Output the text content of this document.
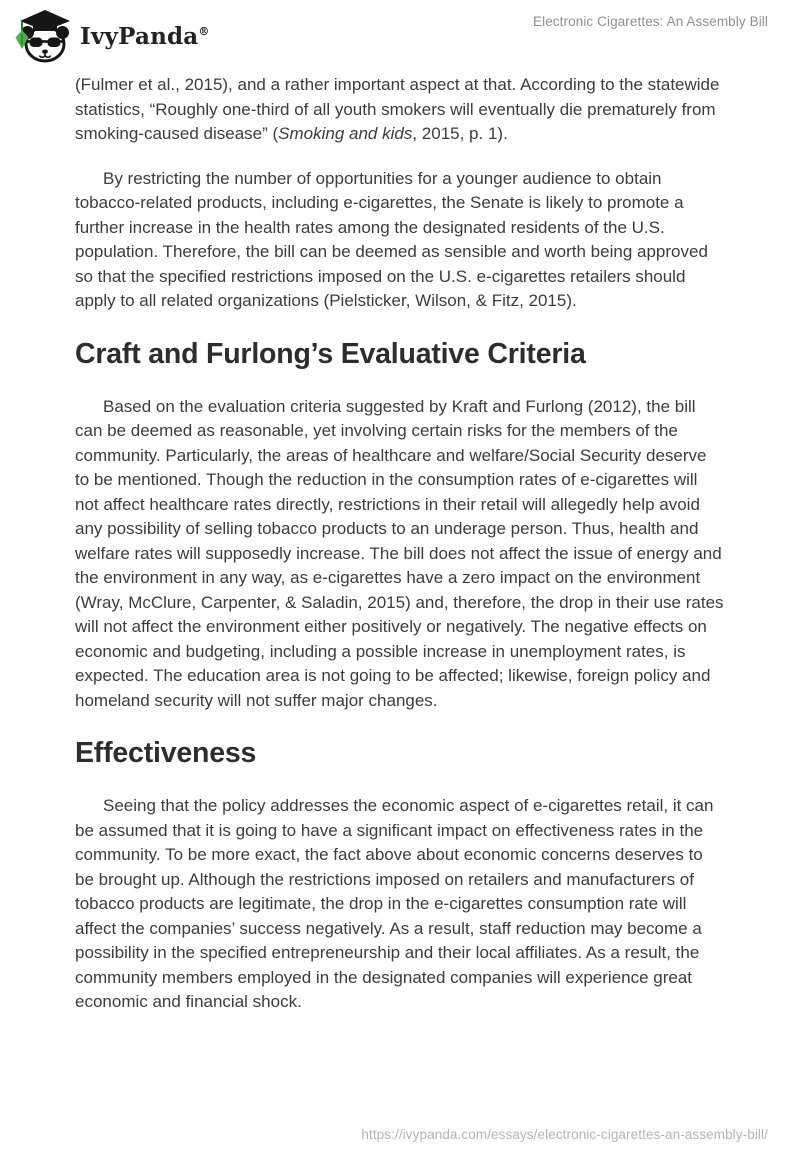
IvyPanda®
Electronic Cigarettes: An Assembly Bill

(Fulmer et al., 2015), and a rather important aspect at that. According to the statewide statistics, “Roughly one-third of all youth smokers will eventually die prematurely from smoking-caused disease” (Smoking and kids, 2015, p. 1).

By restricting the number of opportunities for a younger audience to obtain tobacco-related products, including e-cigarettes, the Senate is likely to promote a further increase in the health rates among the designated residents of the U.S. population. Therefore, the bill can be deemed as sensible and worth being approved so that the specified restrictions imposed on the U.S. e-cigarettes retailers should apply to all related organizations (Pielsticker, Wilson, & Fitz, 2015).

Craft and Furlong’s Evaluative Criteria

Based on the evaluation criteria suggested by Kraft and Furlong (2012), the bill can be deemed as reasonable, yet involving certain risks for the members of the community. Particularly, the areas of healthcare and welfare/Social Security deserve to be mentioned. Though the reduction in the consumption rates of e-cigarettes will not affect healthcare rates directly, restrictions in their retail will allegedly help avoid any possibility of selling tobacco products to an underage person. Thus, health and welfare rates will supposedly increase. The bill does not affect the issue of energy and the environment in any way, as e-cigarettes have a zero impact on the environment (Wray, McClure, Carpenter, & Saladin, 2015) and, therefore, the drop in their use rates will not affect the environment either positively or negatively. The negative effects on economic and budgeting, including a possible increase in unemployment rates, is expected. The education area is not going to be affected; likewise, foreign policy and homeland security will not suffer major changes.

Effectiveness

Seeing that the policy addresses the economic aspect of e-cigarettes retail, it can be assumed that it is going to have a significant impact on effectiveness rates in the community. To be more exact, the fact above about economic concerns deserves to be brought up. Although the restrictions imposed on retailers and manufacturers of tobacco products are legitimate, the drop in the e-cigarettes consumption rate will affect the companies’ success negatively. As a result, staff reduction may become a possibility in the specified entrepreneurship and their local affiliates. As a result, the community members employed in the designated companies will experience great economic and financial shock.

https://ivypanda.com/essays/electronic-cigarettes-an-assembly-bill/
